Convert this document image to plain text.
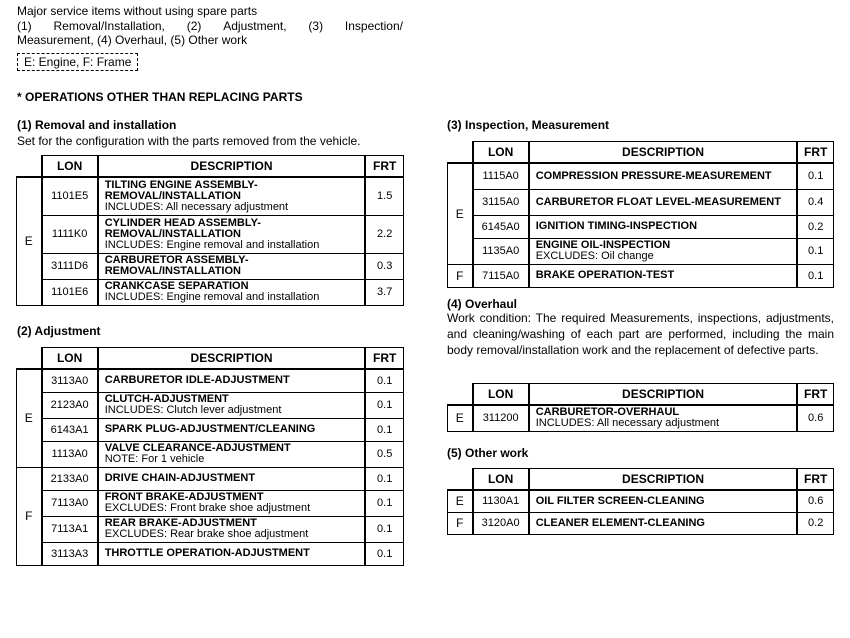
Major service items without using spare parts
(1) Removal/Installation, (2) Adjustment, (3) Inspection/
Measurement, (4) Overhaul, (5) Other work
E: Engine, F: Frame
* OPERATIONS OTHER THAN REPLACING PARTS
(1) Removal and installation
Set for the configuration with the parts removed from the vehicle.
	LON	DESCRIPTION	FRT
E	1101E5	TILTING ENGINE ASSEMBLY-REMOVAL/INSTALLATION
INCLUDES: All necessary adjustment	1.5
	1111K0	CYLINDER HEAD ASSEMBLY-REMOVAL/INSTALLATION
INCLUDES: Engine removal and installation	2.2
	3111D6	CARBURETOR ASSEMBLY-REMOVAL/INSTALLATION	0.3
	1101E6	CRANKCASE SEPARATION
INCLUDES: Engine removal and installation	3.7
(2) Adjustment
	LON	DESCRIPTION	FRT
E	3113A0	CARBURETOR IDLE-ADJUSTMENT	0.1
	2123A0	CLUTCH-ADJUSTMENT
INCLUDES: Clutch lever adjustment	0.1
	6143A1	SPARK PLUG-ADJUSTMENT/CLEANING	0.1
	1113A0	VALVE CLEARANCE-ADJUSTMENT
NOTE: For 1 vehicle	0.5
F	2133A0	DRIVE CHAIN-ADJUSTMENT	0.1
	7113A0	FRONT BRAKE-ADJUSTMENT
EXCLUDES: Front brake shoe adjustment	0.1
	7113A1	REAR BRAKE-ADJUSTMENT
EXCLUDES: Rear brake shoe adjustment	0.1
	3113A3	THROTTLE OPERATION-ADJUSTMENT	0.1
(3) Inspection, Measurement
	LON	DESCRIPTION	FRT
E	1115A0	COMPRESSION PRESSURE-MEASUREMENT	0.1
	3115A0	CARBURETOR FLOAT LEVEL-MEASUREMENT	0.4
	6145A0	IGNITION TIMING-INSPECTION	0.2
	1135A0	ENGINE OIL-INSPECTION
EXCLUDES: Oil change	0.1
F	7115A0	BRAKE OPERATION-TEST	0.1
(4) Overhaul
Work condition: The required Measurements, inspections, adjustments, and cleaning/washing of each part are performed, including the main body removal/installation work and the replacement of defective parts.
	LON	DESCRIPTION	FRT
E	311200	CARBURETOR-OVERHAUL
INCLUDES: All necessary adjustment	0.6
(5) Other work
	LON	DESCRIPTION	FRT
E	1130A1	OIL FILTER SCREEN-CLEANING	0.6
F	3120A0	CLEANER ELEMENT-CLEANING	0.2
